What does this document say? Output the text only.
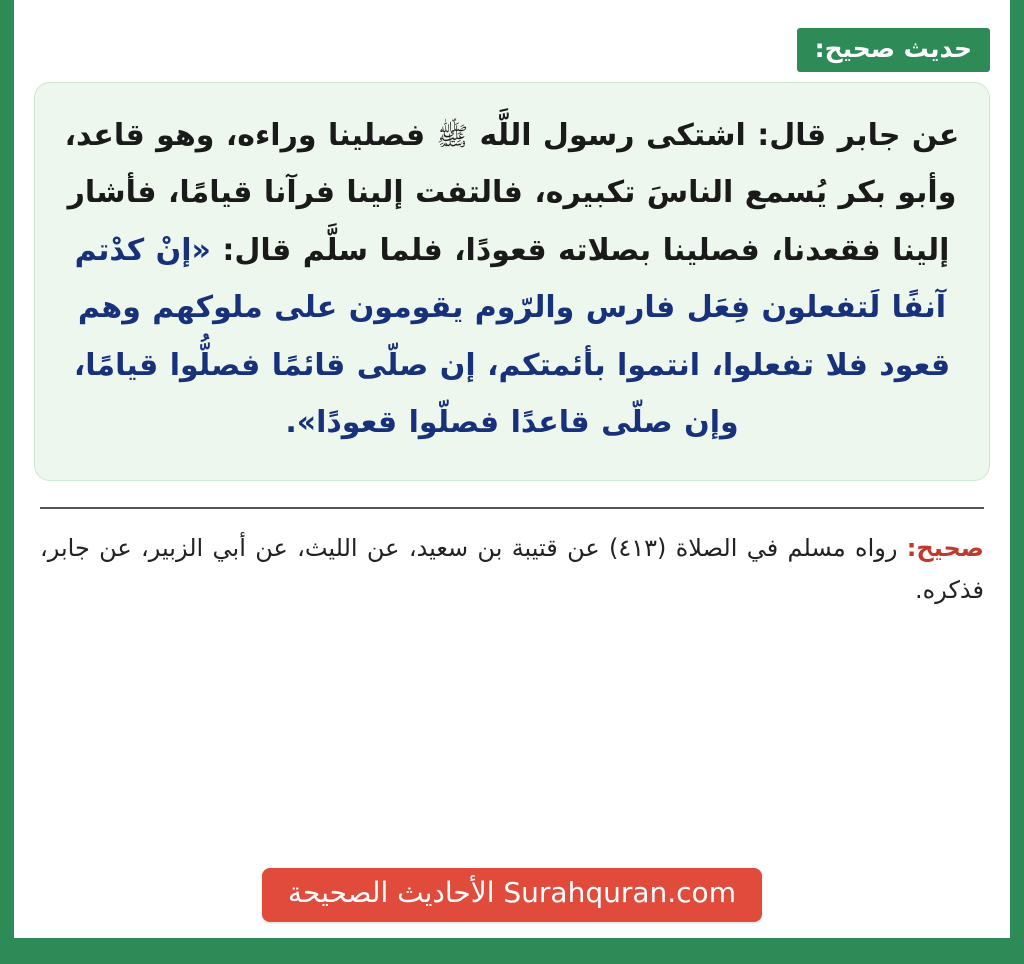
حديث صحيح:

عن جابر قال: اشتكى رسول اللَّه ﷺ فصلينا وراءه، وهو قاعد، وأبو بكر يُسمع الناسَ تكبيره، فالتفت إلينا فرآنا قيامًا، فأشار إلينا فقعدنا، فصلينا بصلاته قعودًا، فلما سلَّم قال: «إنْ كدْتم آنفًا لَتفعلون فِعَل فارس والرّوم يقومون على ملوكهم وهم قعود فلا تفعلوا، انتموا بأئمتكم، إن صلّى قائمًا فصلُّوا قيامًا، وإن صلّى قاعدًا فصلّوا قعودًا».

صحيح: رواه مسلم في الصلاة (٤١٣) عن قتيبة بن سعيد، عن الليث، عن أبي الزبير، عن جابر، فذكره.

Surahquran.com الأحاديث الصحيحة
